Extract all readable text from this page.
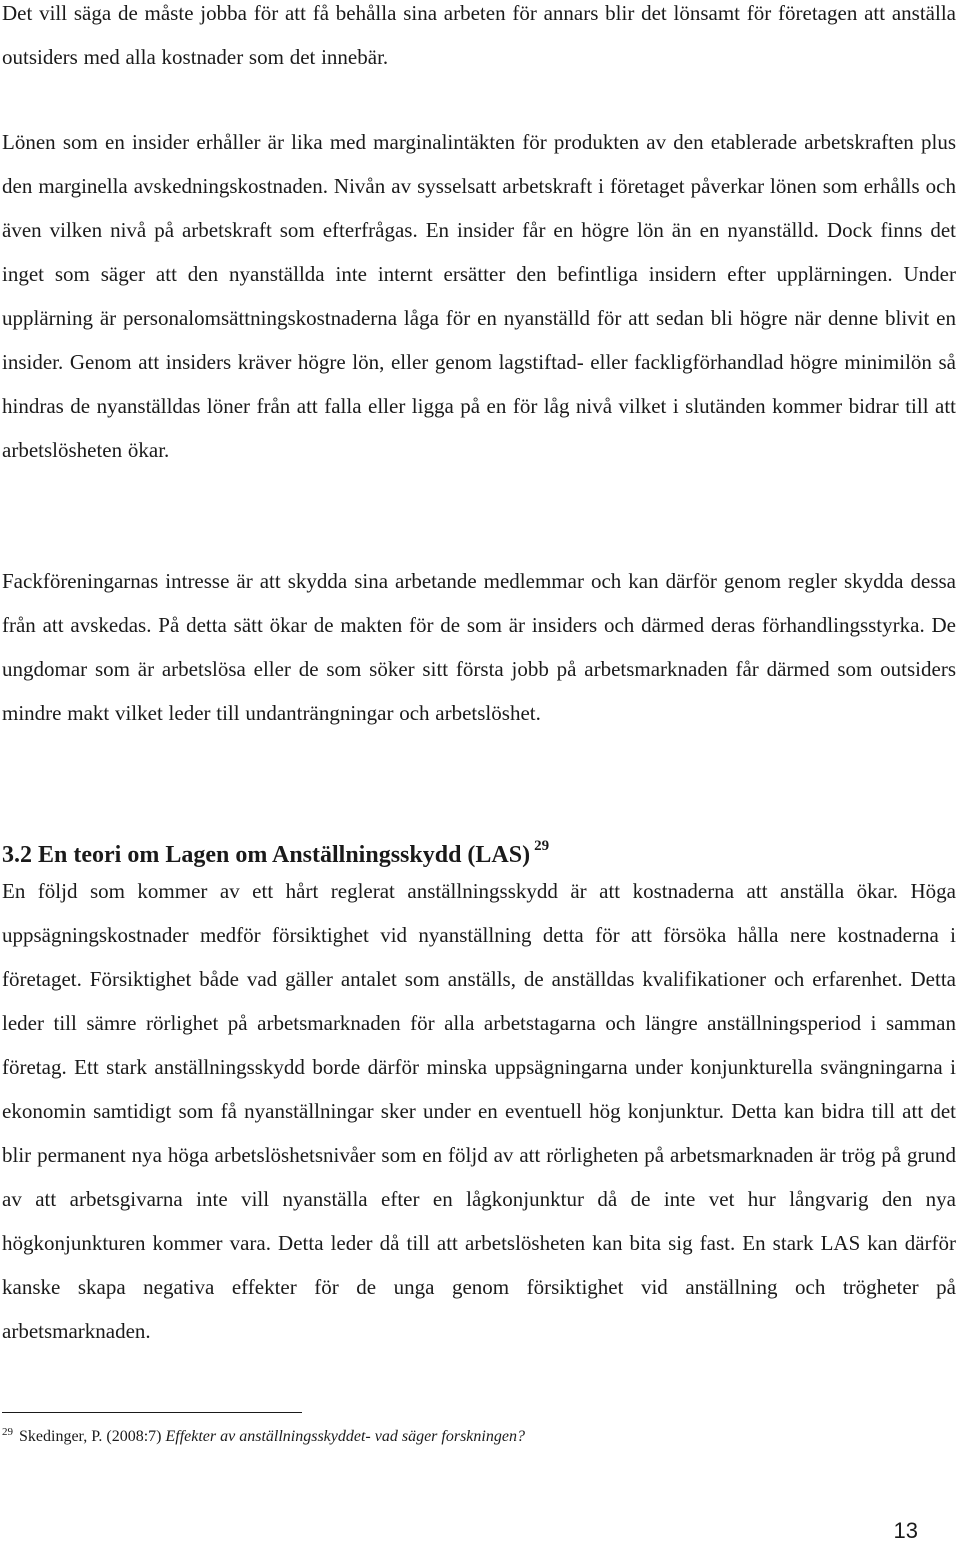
Det vill säga de måste jobba för att få behålla sina arbeten för annars blir det lönsamt för företagen att anställa outsiders med alla kostnader som det innebär.

Lönen som en insider erhåller är lika med marginalintäkten för produkten av den etablerade arbetskraften plus den marginella avskedningskostnaden. Nivån av sysselsatt arbetskraft i företaget påverkar lönen som erhålls och även vilken nivå på arbetskraft som efterfrågas. En insider får en högre lön än en nyanställd. Dock finns det inget som säger att den nyanställda inte internt ersätter den befintliga insidern efter upplärningen. Under upplärning är personalomsättningskostnaderna låga för en nyanställd för att sedan bli högre när denne blivit en insider. Genom att insiders kräver högre lön, eller genom lagstiftad- eller fackligförhandlad högre minimilön så hindras de nyanställdas löner från att falla eller ligga på en för låg nivå vilket i slutänden kommer bidrar till att arbetslösheten ökar.

Fackföreningarnas intresse är att skydda sina arbetande medlemmar och kan därför genom regler skydda dessa från att avskedas. På detta sätt ökar de makten för de som är insiders och därmed deras förhandlingsstyrka. De ungdomar som är arbetslösa eller de som söker sitt första jobb på arbetsmarknaden får därmed som outsiders mindre makt vilket leder till undanträngningar och arbetslöshet.

3.2 En teori om Lagen om Anställningsskydd (LAS) $^{29}$

En följd som kommer av ett hårt reglerat anställningsskydd är att kostnaderna att anställa ökar. Höga uppsägningskostnader medför försiktighet vid nyanställning detta för att försöka hålla nere kostnaderna i företaget. Försiktighet både vad gäller antalet som anställs, de anställdas kvalifikationer och erfarenhet. Detta leder till sämre rörlighet på arbetsmarknaden för alla arbetstagarna och längre anställningsperiod i samman företag. Ett stark anställningsskydd borde därför minska uppsägningarna under konjunkturella svängningarna i ekonomin samtidigt som få nyanställningar sker under en eventuell hög konjunktur. Detta kan bidra till att det blir permanent nya höga arbetslöshetsnivåer som en följd av att rörligheten på arbetsmarknaden är trög på grund av att arbetsgivarna inte vill nyanställa efter en lågkonjunktur då de inte vet hur långvarig den nya högkonjunkturen kommer vara. Detta leder då till att arbetslösheten kan bita sig fast. En stark LAS kan därför kanske skapa negativa effekter för de unga genom försiktighet vid anställning och trögheter på arbetsmarknaden.

$^{29}$ Skedinger, P. (2008:7) Effekter av anställningsskyddet- vad säger forskningen?

13
